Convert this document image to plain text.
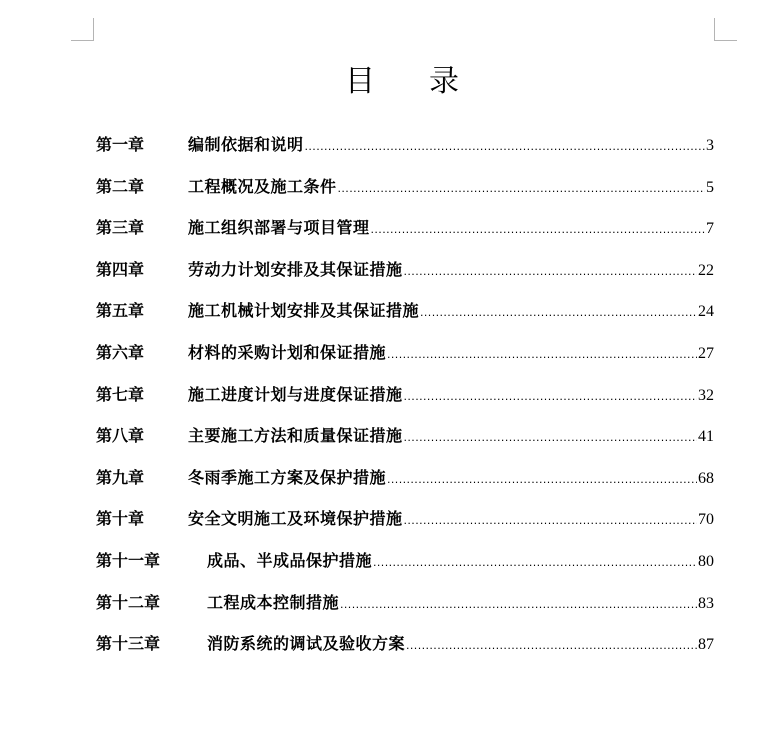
目 录
第一章	编制依据和说明 .....	3
第二章	工程概况及施工条件 .....	5
第三章	施工组织部署与项目管理 .....	7
第四章	劳动力计划安排及其保证措施 .....	22
第五章	施工机械计划安排及其保证措施 .....	24
第六章	材料的采购计划和保证措施 .....	27
第七章	施工进度计划与进度保证措施 .....	32
第八章	主要施工方法和质量保证措施 .....	41
第九章	冬雨季施工方案及保护措施 .....	68
第十章	安全文明施工及环境保护措施 .....	70
第十一章	成品、半成品保护措施 .....	80
第十二章	工程成本控制措施 .....	83
第十三章	消防系统的调试及验收方案 .....	87
